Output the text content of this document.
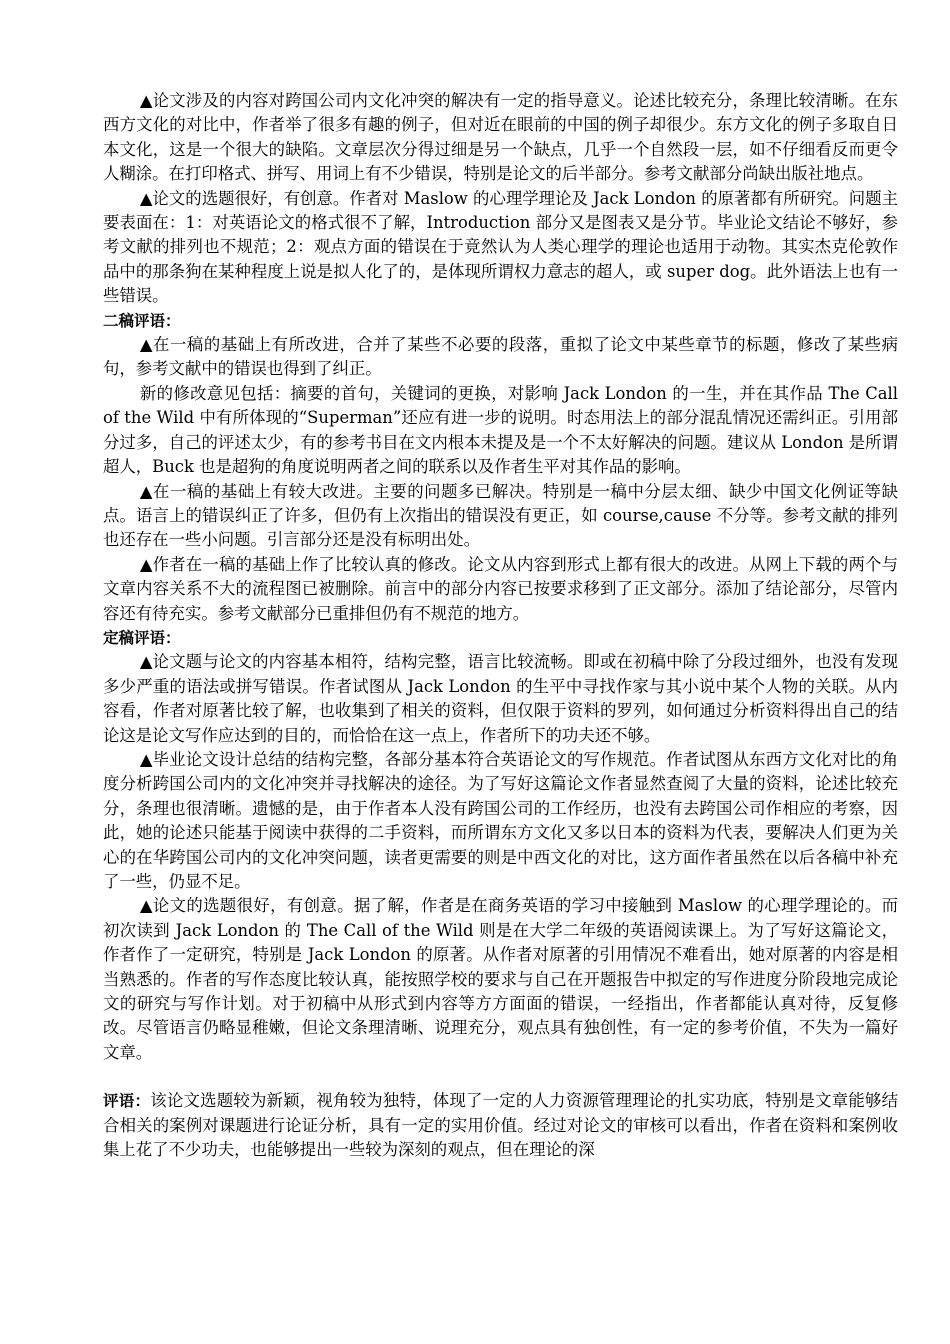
▲论文涉及的内容对跨国公司内文化冲突的解决有一定的指导意义。论述比较充分，条理比较清晰。在东西方文化的对比中，作者举了很多有趣的例子，但对近在眼前的中国的例子却很少。东方文化的例子多取自日本文化，这是一个很大的缺陷。文章层次分得过细是另一个缺点，几乎一个自然段一层，如不仔细看反而更令人糊涂。在打印格式、拼写、用词上有不少错误，特别是论文的后半部分。参考文献部分尚缺出版社地点。

▲论文的选题很好，有创意。作者对 Maslow 的心理学理论及 Jack London 的原著都有所研究。问题主要表面在：1：对英语论文的格式很不了解，Introduction 部分又是图表又是分节。毕业论文结论不够好，参考文献的排列也不规范；2：观点方面的错误在于竟然认为人类心理学的理论也适用于动物。其实杰克伦敦作品中的那条狗在某种程度上说是拟人化了的，是体现所谓权力意志的超人，或 super dog。此外语法上也有一些错误。

二稿评语：

▲在一稿的基础上有所改进，合并了某些不必要的段落，重拟了论文中某些章节的标题，修改了某些病句，参考文献中的错误也得到了纠正。

新的修改意见包括：摘要的首句，关键词的更换，对影响 Jack London 的一生，并在其作品 The Call of the Wild 中有所体现的“Superman”还应有进一步的说明。时态用法上的部分混乱情况还需纠正。引用部分过多，自己的评述太少，有的参考书目在文内根本未提及是一个不太好解决的问题。建议从 London 是所谓超人，Buck 也是超狗的角度说明两者之间的联系以及作者生平对其作品的影响。

▲在一稿的基础上有较大改进。主要的问题多已解决。特别是一稿中分层太细、缺少中国文化例证等缺点。语言上的错误纠正了许多，但仍有上次指出的错误没有更正，如 course,cause 不分等。参考文献的排列也还存在一些小问题。引言部分还是没有标明出处。

▲作者在一稿的基础上作了比较认真的修改。论文从内容到形式上都有很大的改进。从网上下载的两个与文章内容关系不大的流程图已被删除。前言中的部分内容已按要求移到了正文部分。添加了结论部分，尽管内容还有待充实。参考文献部分已重排但仍有不规范的地方。

定稿评语：

▲论文题与论文的内容基本相符，结构完整，语言比较流畅。即或在初稿中除了分段过细外，也没有发现多少严重的语法或拼写错误。作者试图从 Jack London 的生平中寻找作家与其小说中某个人物的关联。从内容看，作者对原著比较了解，也收集到了相关的资料，但仅限于资料的罗列，如何通过分析资料得出自己的结论这是论文写作应达到的目的，而恰恰在这一点上，作者所下的功夫还不够。

▲毕业论文设计总结的结构完整，各部分基本符合英语论文的写作规范。作者试图从东西方文化对比的角度分析跨国公司内的文化冲突并寻找解决的途径。为了写好这篇论文作者显然查阅了大量的资料，论述比较充分，条理也很清晰。遗憾的是，由于作者本人没有跨国公司的工作经历，也没有去跨国公司作相应的考察，因此，她的论述只能基于阅读中获得的二手资料，而所谓东方文化又多以日本的资料为代表，要解决人们更为关心的在华跨国公司内的文化冲突问题，读者更需要的则是中西文化的对比，这方面作者虽然在以后各稿中补充了一些，仍显不足。

▲论文的选题很好，有创意。据了解，作者是在商务英语的学习中接触到 Maslow 的心理学理论的。而初次读到 Jack London 的 The Call of the Wild 则是在大学二年级的英语阅读课上。为了写好这篇论文，作者作了一定研究，特别是 Jack London 的原著。从作者对原著的引用情况不难看出，她对原著的内容是相当熟悉的。作者的写作态度比较认真，能按照学校的要求与自己在开题报告中拟定的写作进度分阶段地完成论文的研究与写作计划。对于初稿中从形式到内容等方方面面的错误，一经指出，作者都能认真对待，反复修改。尽管语言仍略显稚嫩，但论文条理清晰、说理充分，观点具有独创性，有一定的参考价值，不失为一篇好文章。

评语：该论文选题较为新颖，视角较为独特，体现了一定的人力资源管理理论的扎实功底，特别是文章能够结合相关的案例对课题进行论证分析，具有一定的实用价值。经过对论文的审核可以看出，作者在资料和案例收集上花了不少功夫，也能够提出一些较为深刻的观点，但在理论的深
